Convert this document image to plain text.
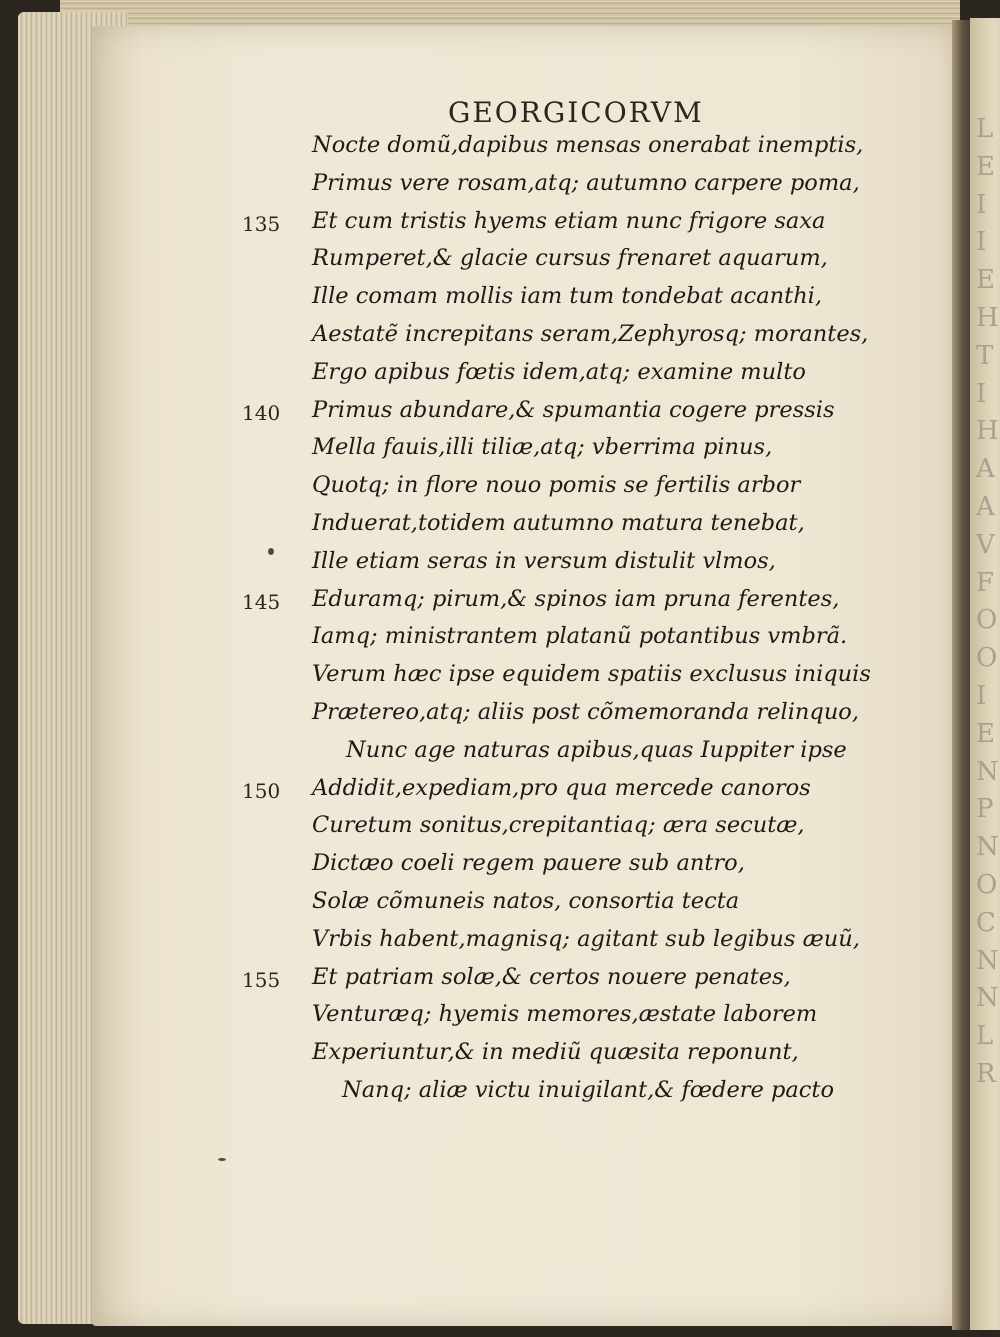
L
E
I
I
E
H
T
I
H
A
A
V
F
O
O
I
E
N
P
N
O
C
N
N
L
R
GEORGICORVM
Nocte domũ,dapibus mensas onerabat inemptis,
Primus vere rosam,atq; autumno carpere poma,
Et cum tristis hyems etiam nunc frigore saxa
Rumperet,& glacie cursus frenaret aquarum,
Ille comam mollis iam tum tondebat acanthi,
Aestatẽ increpitans seram,Zephyrosq; morantes,
Ergo apibus fœtis idem,atq; examine multo
Primus abundare,& spumantia cogere pressis
Mella fauis,illi tiliæ,atq; vberrima pinus,
Quotq; in flore nouo pomis se fertilis arbor
Induerat,totidem autumno matura tenebat,
Ille etiam seras in versum distulit vlmos,
Eduramq; pirum,& spinos iam pruna ferentes,
Iamq; ministrantem platanũ potantibus vmbrã.
Verum hæc ipse equidem spatiis exclusus iniquis
Prætereo,atq; aliis post cõmemoranda relinquo,
Nunc age naturas apibus,quas Iuppiter ipse
Addidit,expediam,pro qua mercede canoros
Curetum sonitus,crepitantiaq; æra secutæ,
Dictæo coeli regem pauere sub antro,
Solæ cõmuneis natos, consortia tecta
Vrbis habent,magnisq; agitant sub legibus æuũ,
Et patriam solæ,& certos nouere penates,
Venturæq; hyemis memores,æstate laborem
Experiuntur,& in mediũ quæsita reponunt,
Nanq; aliæ victu inuigilant,& fœdere pacto
135
140
145
150
155
